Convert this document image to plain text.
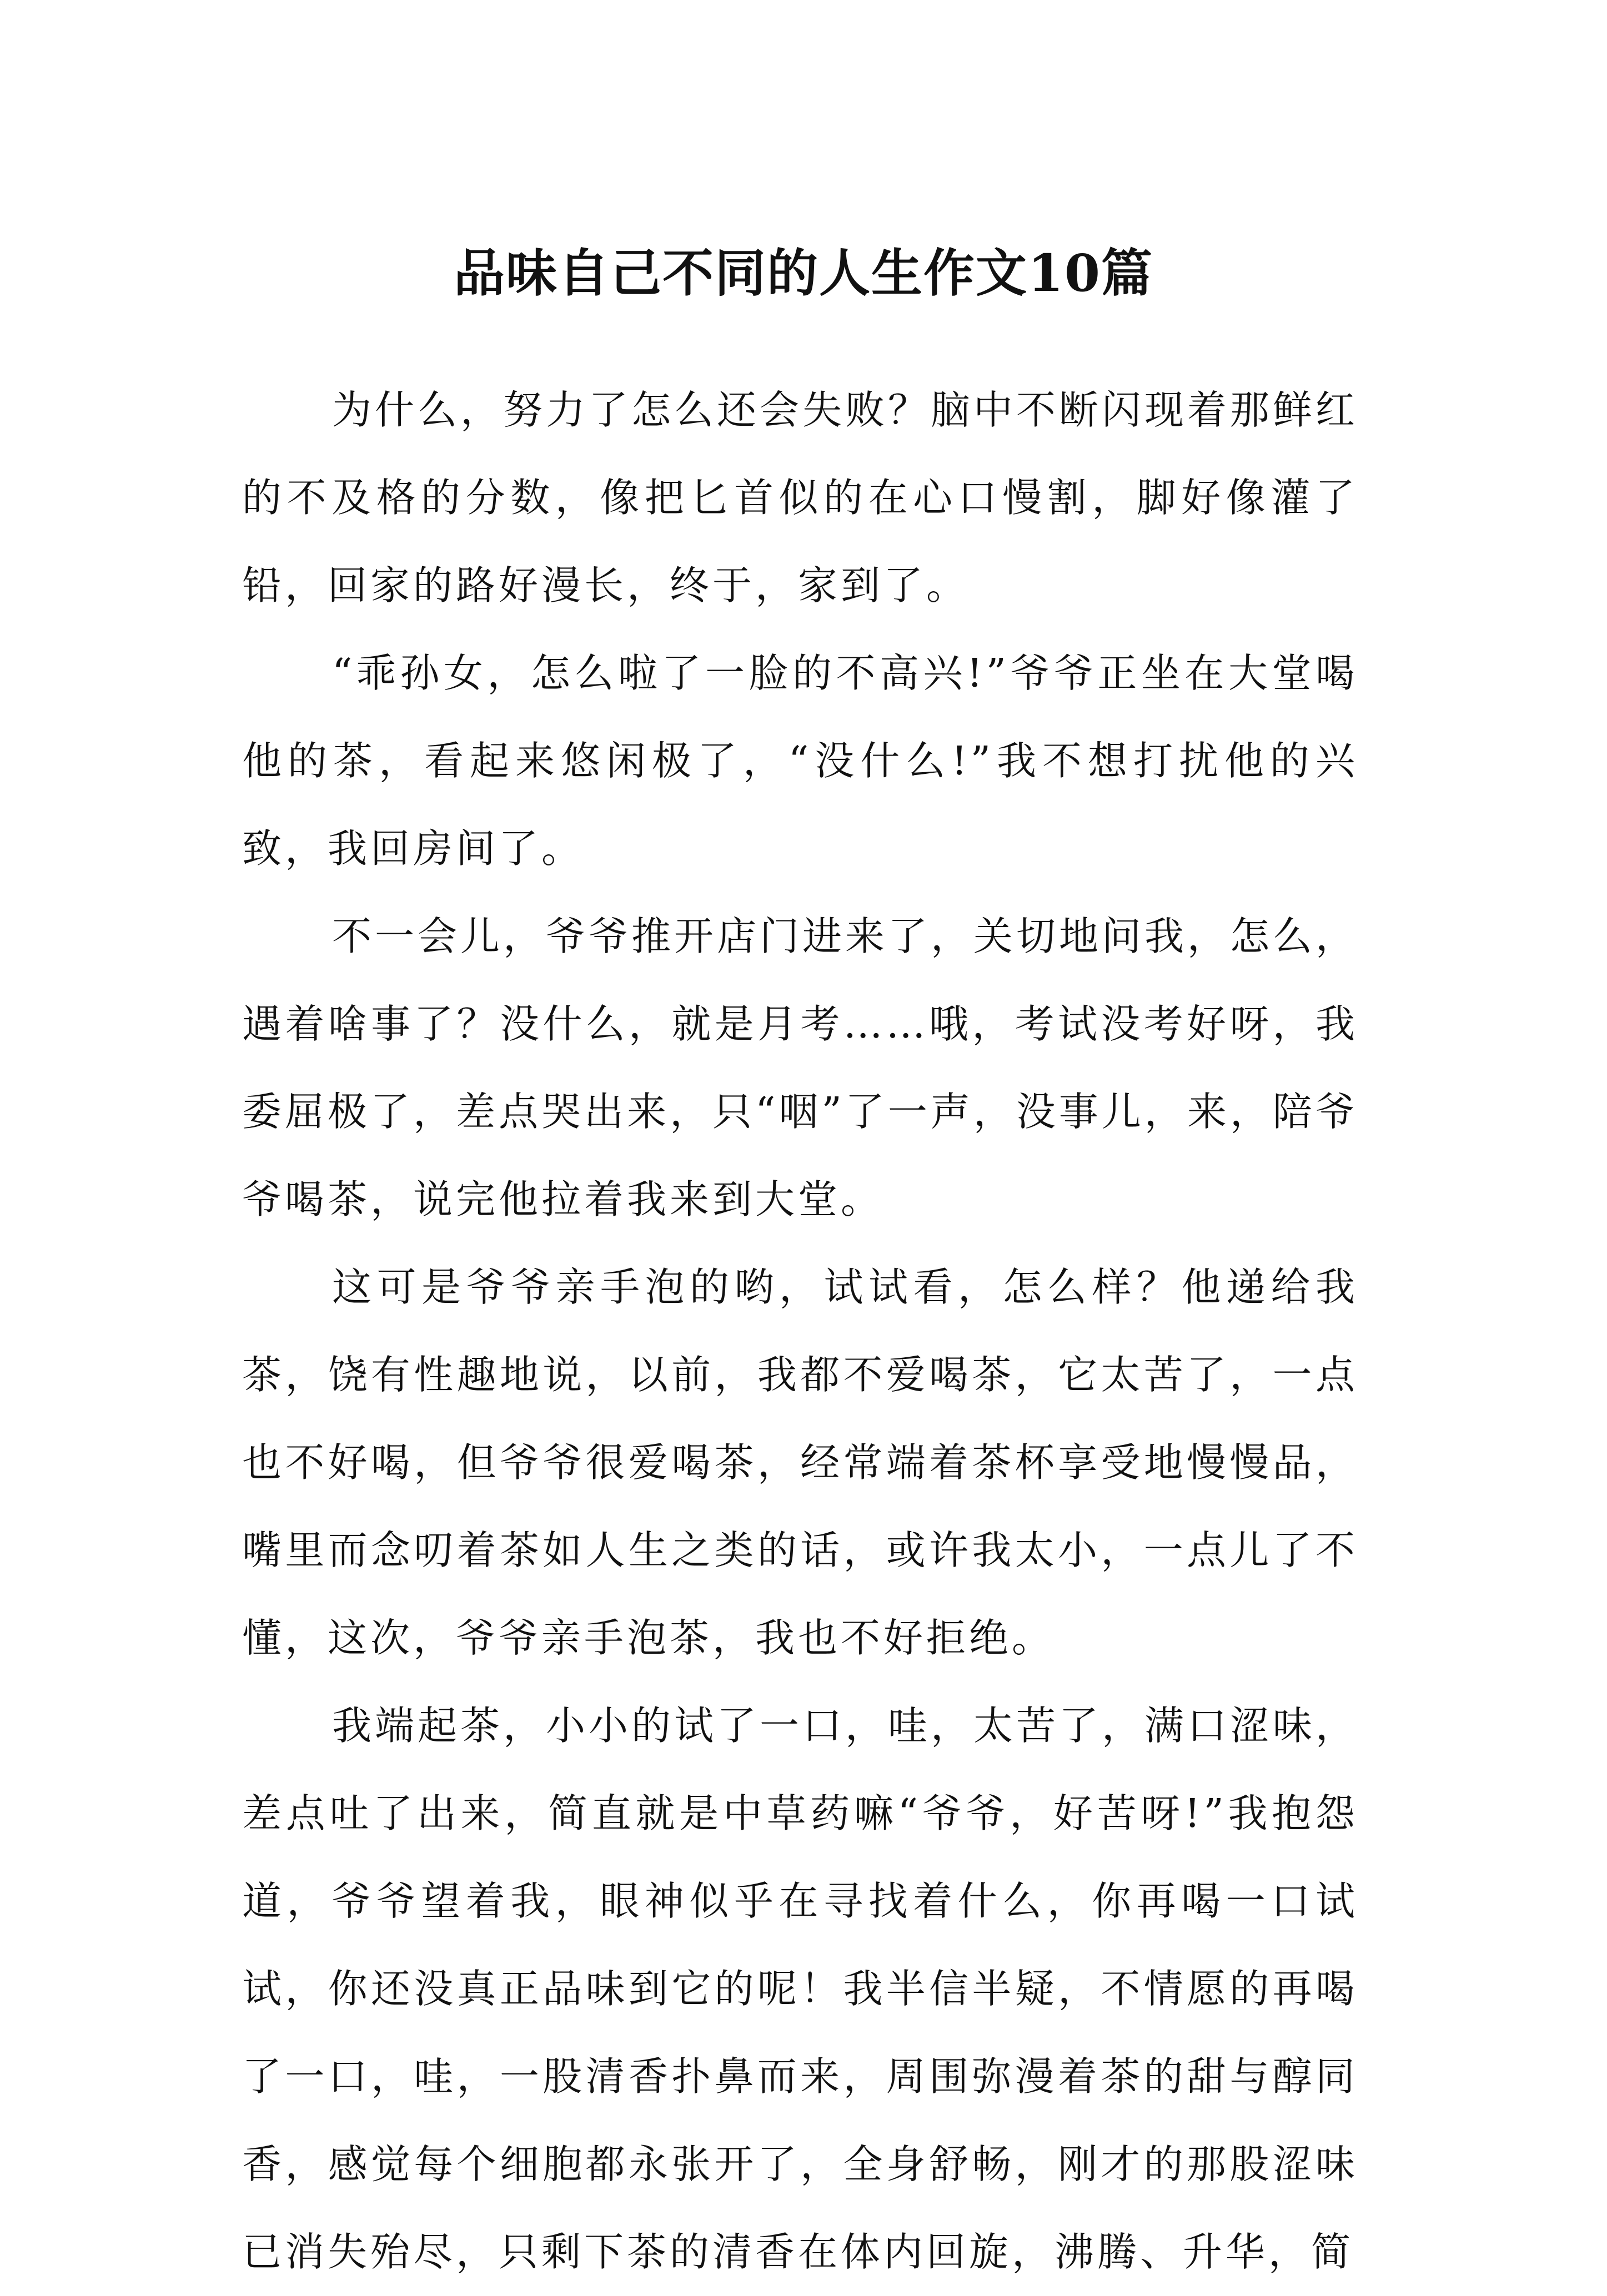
品味自己不同的人生作文10篇

为什么，努力了怎么还会失败？脑中不断闪现着那鲜红的不及格的分数，像把匕首似的在心口慢割，脚好像灌了铅，回家的路好漫长，终于，家到了。

“乖孙女，怎么啦了一脸的不高兴!”爷爷正坐在大堂喝他的茶，看起来悠闲极了，“没什么!”我不想打扰他的兴致，我回房间了。

不一会儿，爷爷推开店门进来了，关切地问我，怎么，遇着啥事了？没什么，就是月考……哦，考试没考好呀，我委屈极了，差点哭出来，只“咽”了一声，没事儿，来，陪爷爷喝茶，说完他拉着我来到大堂。

这可是爷爷亲手泡的哟，试试看，怎么样？他递给我茶，饶有性趣地说，以前，我都不爱喝茶，它太苦了，一点也不好喝，但爷爷很爱喝茶，经常端着茶杯享受地慢慢品，嘴里而念叨着茶如人生之类的话，或许我太小，一点儿了不懂，这次，爷爷亲手泡茶，我也不好拒绝。

我端起茶，小小的试了一口，哇，太苦了，满口涩味，差点吐了出来，简直就是中草药嘛“爷爷，好苦呀!”我抱怨道，爷爷望着我，眼神似乎在寻找着什么，你再喝一口试试，你还没真正品味到它的呢！我半信半疑，不情愿的再喝了一口，哇，一股清香扑鼻而来，周围弥漫着茶的甜与醇同香，感觉每个细胞都永张开了，全身舒畅，刚才的那股涩味已消失殆尽，只剩下茶的清香在体内回旋，沸腾、升华，简
